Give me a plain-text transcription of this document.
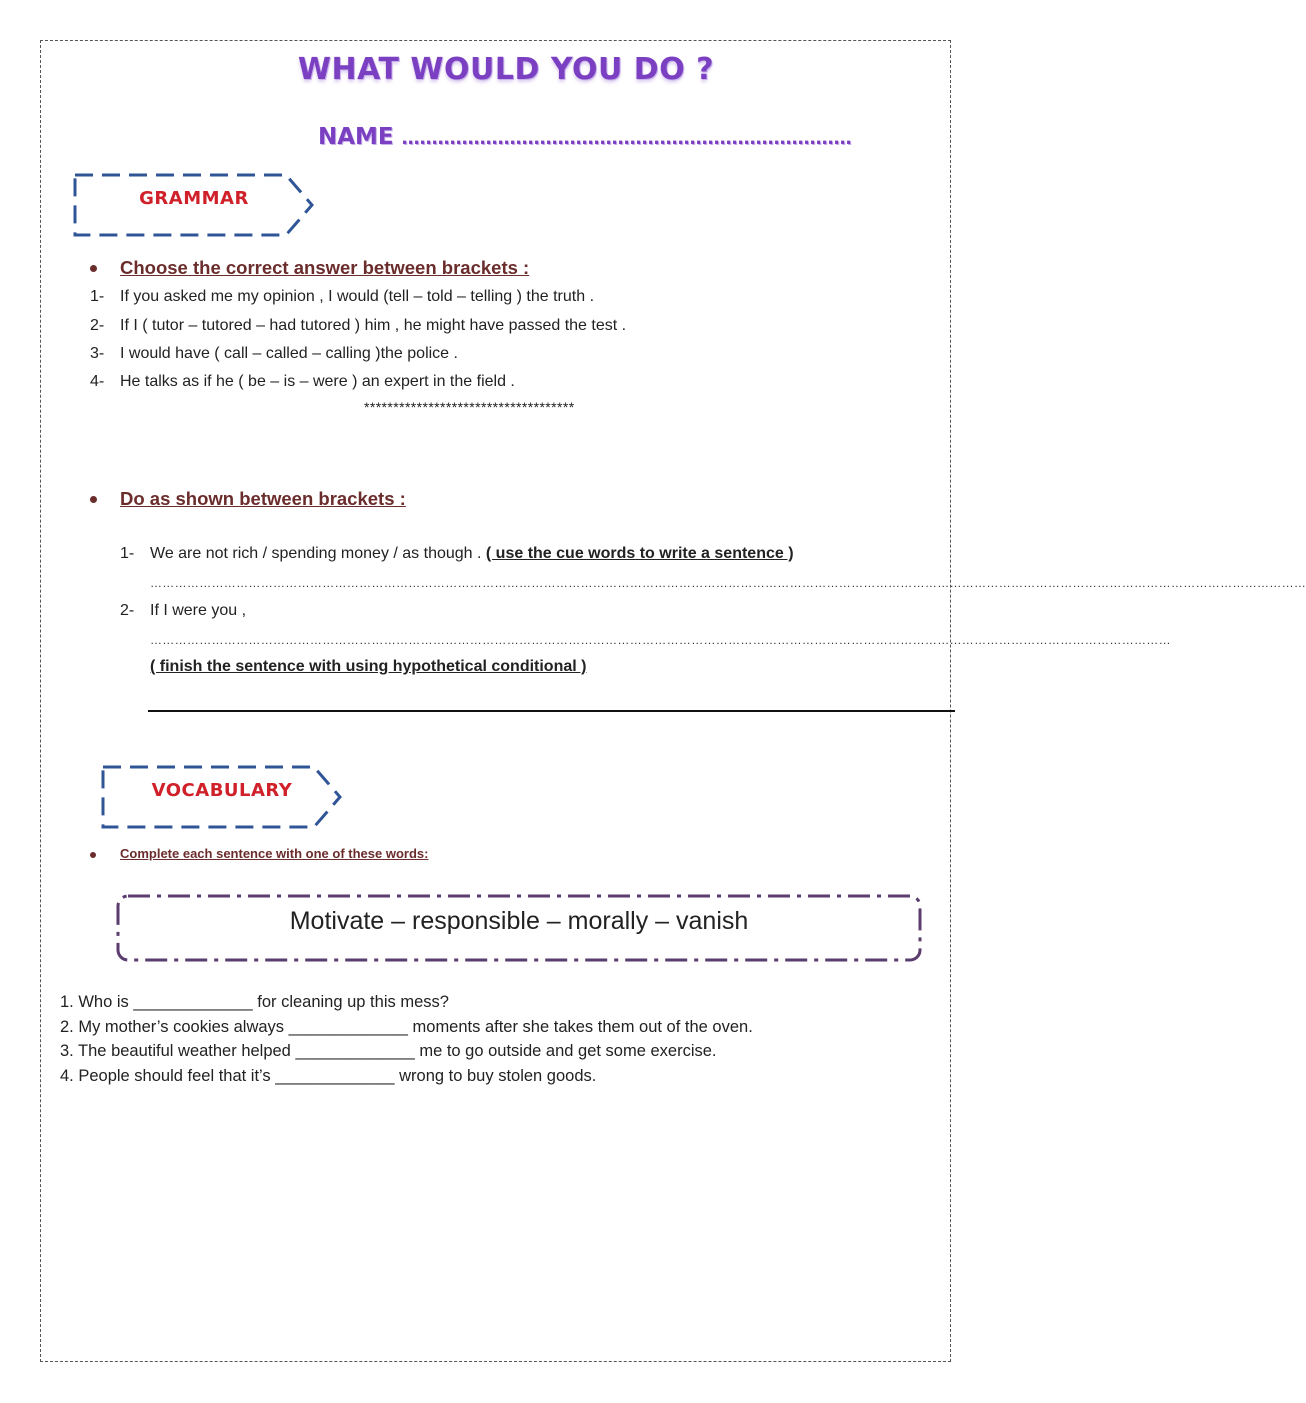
WHAT WOULD YOU DO ?
NAME …………………………………………………………………
GRAMMAR
Choose the correct answer between brackets :
1- If you asked me my opinion , I would (tell – told – telling ) the truth .
2- If I ( tutor – tutored – had tutored ) him , he might have passed the test .
3- I would have ( call – called – calling )the police .
4- He talks as if he ( be – is – were ) an expert in the field .
************************************
Do as shown between brackets :
1- We are not rich / spending money / as though . ( use the cue words to write a sentence )
…………………………………………………………………………………………………………………………………………………………………………………………………………………………………………………………
2- If I were you ,
……………………………………………………………………………………………………………………………………………………………………………………………………………………………
( finish the sentence with using hypothetical conditional )
VOCABULARY
Complete each sentence with one of these words:
Motivate – responsible – morally – vanish
1. Who is _____________ for cleaning up this mess?
2. My mother’s cookies always _____________ moments after she takes them out of the oven.
3. The beautiful weather helped _____________ me to go outside and get some exercise.
4. People should feel that it’s _____________ wrong to buy stolen goods.
